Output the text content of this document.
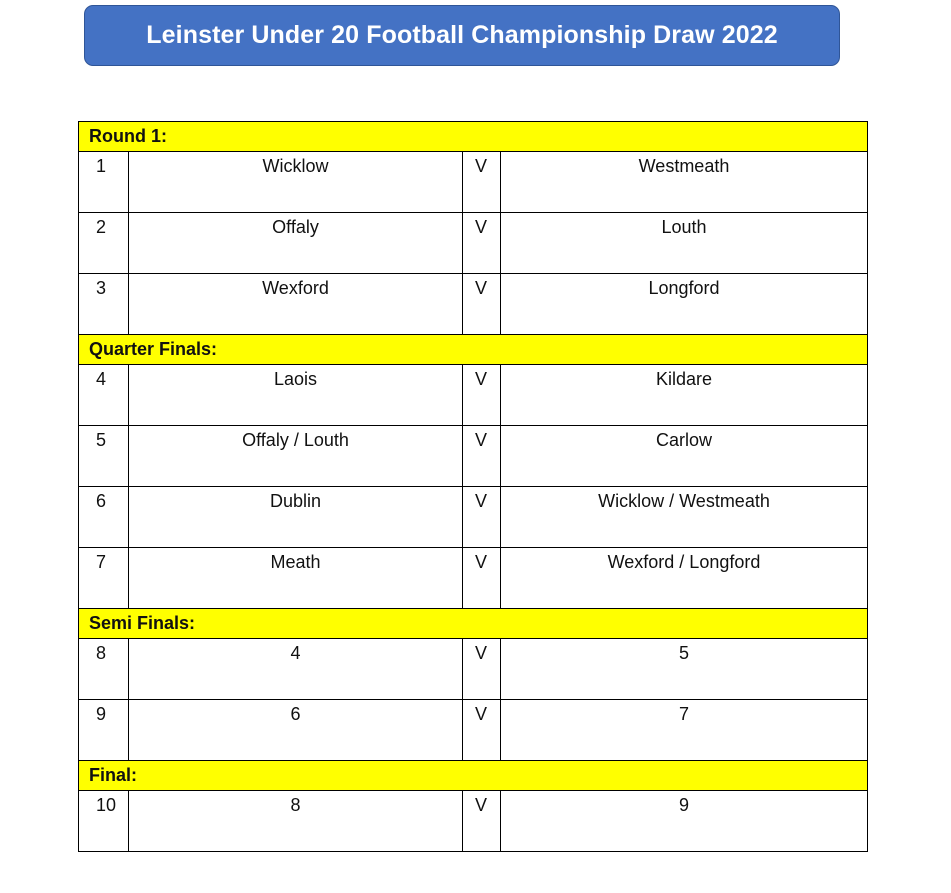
Leinster Under 20 Football Championship Draw 2022
Round 1:			
1	Wicklow	V	Westmeath
2	Offaly	V	Louth
3	Wexford	V	Longford
Quarter Finals:			
4	Laois	V	Kildare
5	Offaly / Louth	V	Carlow
6	Dublin	V	Wicklow / Westmeath
7	Meath	V	Wexford / Longford
Semi Finals:			
8	4	V	5
9	6	V	7
Final:			
10	8	V	9
